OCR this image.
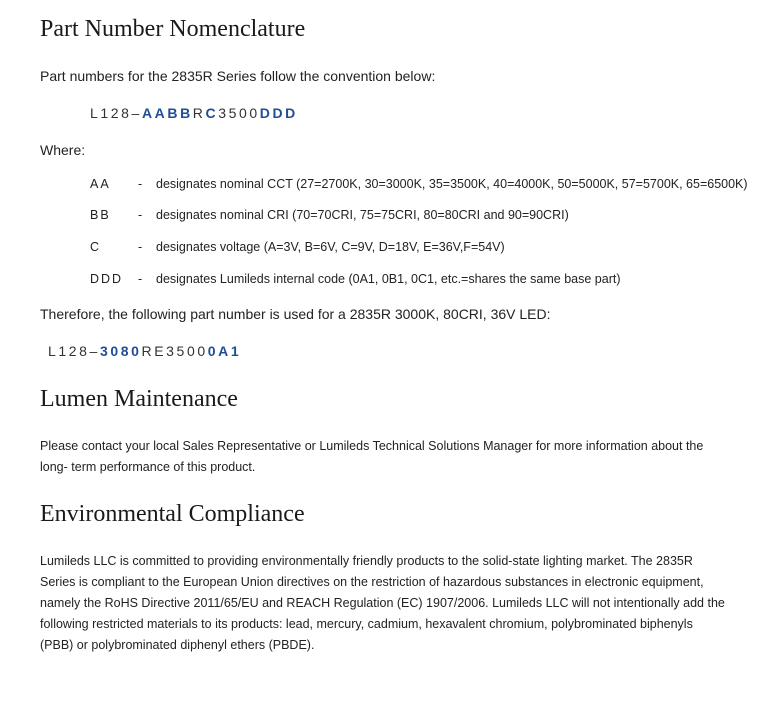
Part Number Nomenclature

Part numbers for the 2835R Series follow the convention below:

L128–AABBRC3500DDD

Where:

AA - designates nominal CCT (27=2700K, 30=3000K, 35=3500K, 40=4000K, 50=5000K, 57=5700K, 65=6500K)
BB - designates nominal CRI (70=70CRI, 75=75CRI, 80=80CRI and 90=90CRI)
C	- designates voltage (A=3V, B=6V, C=9V, D=18V, E=36V,F=54V)
DDD - designates Lumileds internal code (0A1, 0B1, 0C1, etc.=shares the same base part)

Therefore, the following part number is used for a 2835R 3000K, 80CRI, 36V LED:

L128–3080RE35000A1

Lumen Maintenance
Please contact your local Sales Representative or Lumileds Technical Solutions Manager for more information about the
long- term performance of this product.
Environmental Compliance
Lumileds LLC is committed to providing environmentally friendly products to the solid-state lighting market. The 2835R
Series is compliant to the European Union directives on the restriction of hazardous substances in electronic equipment,
namely the RoHS Directive 2011/65/EU and REACH Regulation (EC) 1907/2006. Lumileds LLC will not intentionally add the
following restricted materials to its products: lead, mercury, cadmium, hexavalent chromium, polybrominated biphenyls
(PBB) or polybrominated diphenyl ethers (PBDE).
